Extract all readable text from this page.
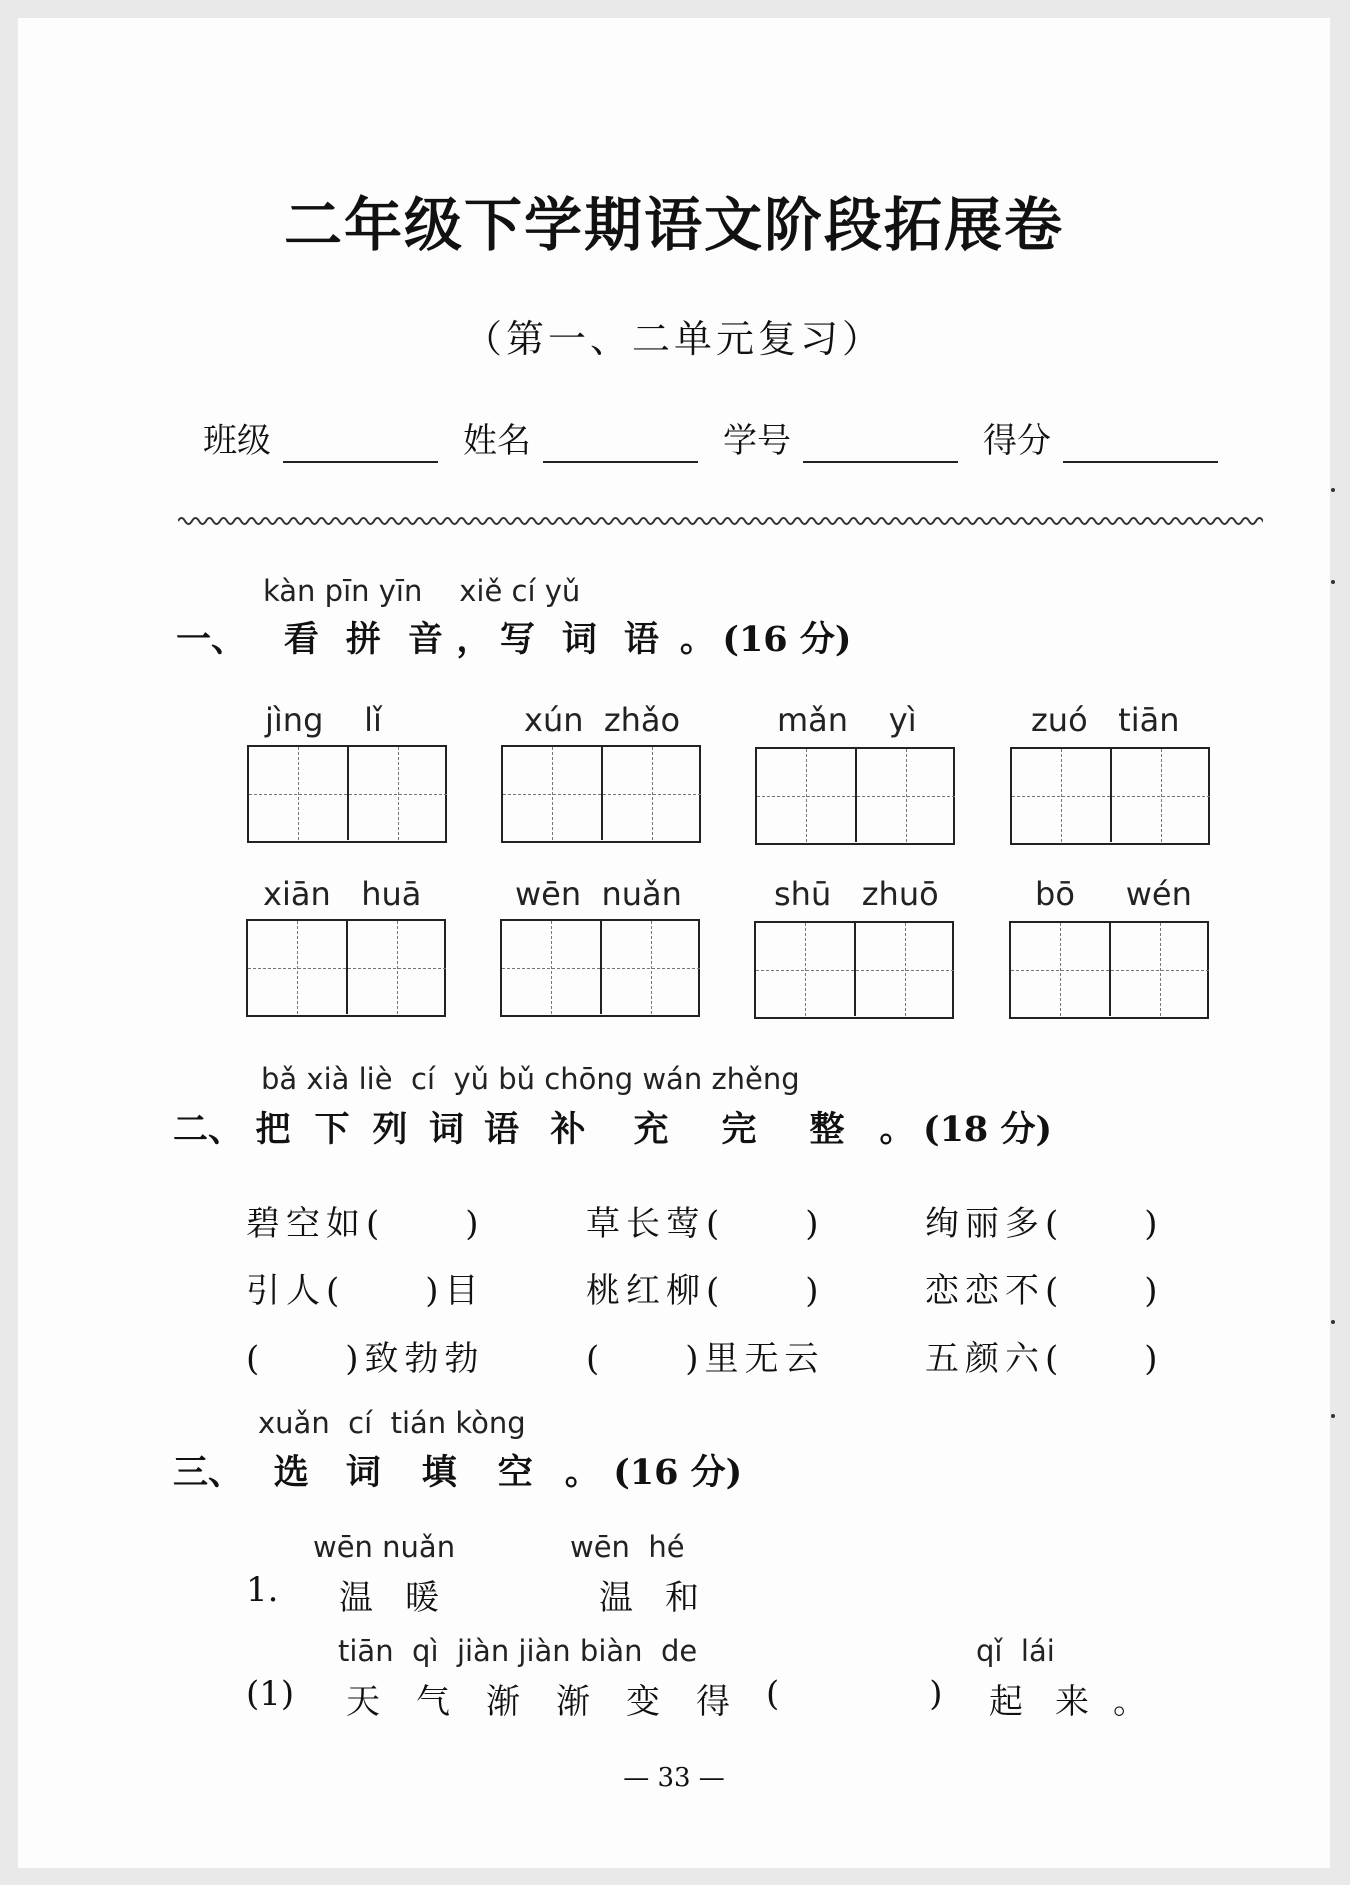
二年级下学期语文阶段拓展卷
（第一、二单元复习）
班级	姓名	学号	得分
kàn pīn yīn xiě cí yǔ
一、 看 拼 音 ， 写 词 语 。 (16 分)
jìng lǐ	xún zhǎo	mǎn yì	zuó tiān
xiān huā	wēn nuǎn	shū zhuō	bō wén
bǎ xià liè cí yǔ bǔ chōng wán zhěng
二、 把 下 列 词 语 补 充 完 整 。 (18 分)
碧空如(　　)	草长莺(　　)	绚丽多(　　)
引人(　　)目	桃红柳(　　)	恋恋不(　　)
(　　)致勃勃	(　　)里无云	五颜六(　　)
xuǎn cí tián kòng
三、 选 词 填 空 。 (16 分)
wēn nuǎn	wēn hé
1.	温 暖	温 和
tiān qì jiàn jiàn biàn de	qǐ lái
(1)	天 气 渐 渐 变 得	(	)	起 来 。
— 33 —
